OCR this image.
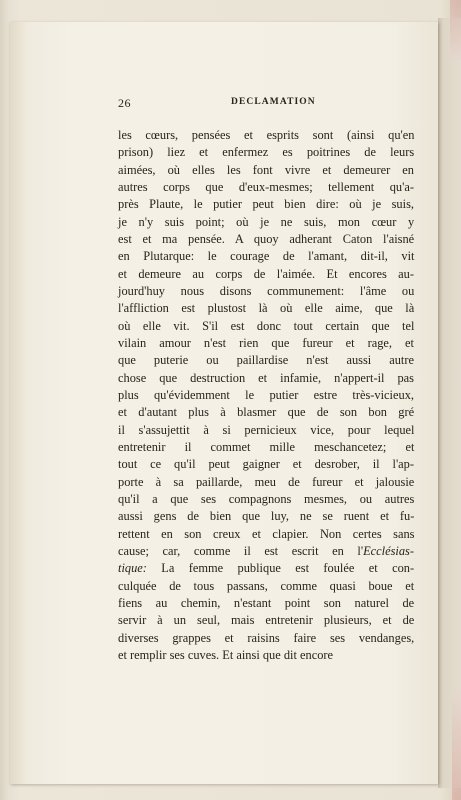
26	DECLAMATION
les cœurs, pensées et esprits sont (ainsi qu'en
prison) liez et enfermez es poitrines de leurs
aimées, où elles les font vivre et demeurer en
autres corps que d'eux-mesmes; tellement qu'a-
près Plaute, le putier peut bien dire: où je suis,
je n'y suis point; où je ne suis, mon cœur y
est et ma pensée. A quoy adherant Caton l'aisné
en Plutarque: le courage de l'amant, dit-il, vit
et demeure au corps de l'aimée. Et encores au-
jourd'huy nous disons communement: l'âme ou
l'affliction est plustost là où elle aime, que là
où elle vit. S'il est donc tout certain que tel
vilain amour n'est rien que fureur et rage, et
que puterie ou paillardise n'est aussi autre
chose que destruction et infamie, n'appert-il pas
plus qu'évidemment le putier estre très-vicieux,
et d'autant plus à blasmer que de son bon gré
il s'assujettit à si pernicieux vice, pour lequel
entretenir il commet mille meschancetez; et
tout ce qu'il peut gaigner et desrober, il l'ap-
porte à sa paillarde, meu de fureur et jalousie
qu'il a que ses compagnons mesmes, ou autres
aussi gens de bien que luy, ne se ruent et fu-
rettent en son creux et clapier. Non certes sans
cause; car, comme il est escrit en l'Ecclésias-
tique: La femme publique est foulée et con-
culquée de tous passans, comme quasi boue et
fiens au chemin, n'estant point son naturel de
servir à un seul, mais entretenir plusieurs, et de
diverses grappes et raisins faire ses vendanges,
et remplir ses cuves. Et ainsi que dit encore
